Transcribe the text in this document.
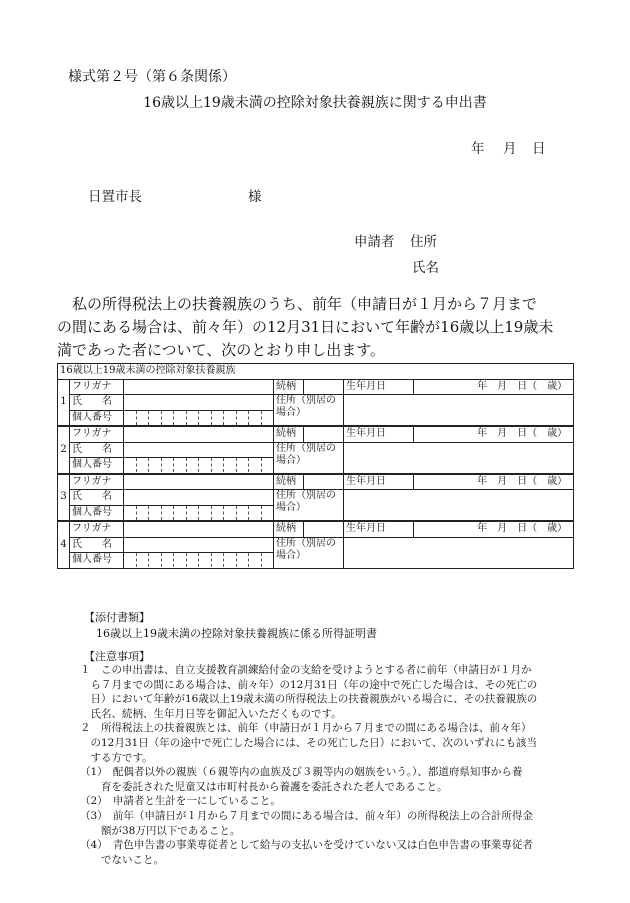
様式第２号（第６条関係）
16歳以上19歳未満の控除対象扶養親族に関する申出書
年 月 日
日置市長	様
申請者 住所
氏名
　私の所得税法上の扶養親族のうち、前年（申請日が１月から７月まで
の間にある場合は、前々年）の12月31日において年齢が16歳以上19歳未
満であった者について、次のとおり申し出ます。
16歳以上19歳未満の控除対象扶養親族						
1	フリガナ		続柄		生年月日	年　月　日（　歳）
	氏　　名		住所（別居の場合）			
	個人番号					

2	フリガナ		続柄		生年月日	年　月　日（　歳）
	氏　　名		住所（別居の場合）			
	個人番号					

3	フリガナ		続柄		生年月日	年　月　日（　歳）
	氏　　名		住所（別居の場合）			
	個人番号					

4	フリガナ		続柄		生年月日	年　月　日（　歳）
	氏　　名		住所（別居の場合）			
	個人番号					
【添付書類】
16歳以上19歳未満の控除対象扶養親族に係る所得証明書
【注意事項】
１　この申出書は、自立支援教育訓練給付金の支給を受けようとする者に前年（申請日が１月か
　ら７月までの間にある場合は、前々年）の12月31日（年の途中で死亡した場合は、その死亡の
　日）において年齢が16歳以上19歳未満の所得税法上の扶養親族がいる場合に、その扶養親族の
　氏名、続柄、生年月日等を御記入いただくものです。
２　所得税法上の扶養親族とは、前年（申請日が１月から７月までの間にある場合は、前々年）
　の12月31日（年の途中で死亡した場合には、その死亡した日）において、次のいずれにも該当
　する方です。
（1）　配偶者以外の親族（６親等内の血族及び３親等内の姻族をいう。）、都道府県知事から養
　　育を委託された児童又は市町村長から養護を委託された老人であること。
（2）　申請者と生計を一にしていること。
（3）　前年（申請日が１月から７月までの間にある場合は、前々年）の所得税法上の合計所得金
　　額が38万円以下であること。
（4）　青色申告書の事業専従者として給与の支払いを受けていない又は白色申告書の事業専従者
　　でないこと。
